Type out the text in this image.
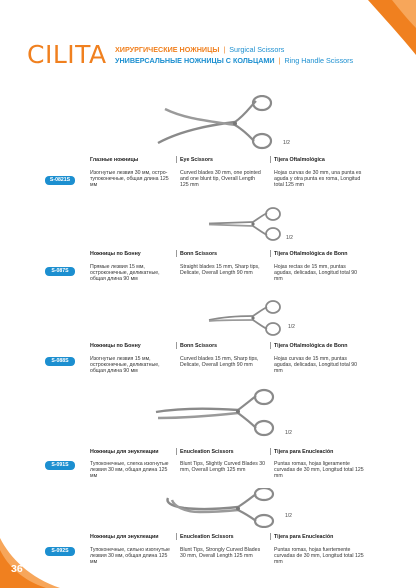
CILITA ХИРУРГИЧЕСКИЕ НОЖНИЦЫ | Surgical Scissors
УНИВЕРСАЛЬНЫЕ НОЖНИЦЫ С КОЛЬЦАМИ | Ring Handle Scissors
36
1/2
Глазные ножницы	Eye Scissors	Tijera Oftalmológica
S-0821S
Изогнутые лезвия 30 мм, остро-тупоконечные, общая длина 125 мм
Curved blades 30 mm, one pointed and one blunt tip, Overall Length 125 mm
Hojas curvas de 30 mm, una punta es aguda y otra punta es roma, Longitud total 125 mm
1/2
Ножницы по Бонну	Bonn Scissors	Tijera Oftalmológica de Bonn
S-087S
Прямые лезвия 15 мм, остроконечные, деликатные, общая длина 90 мм
Straight blades 15 mm, Sharp tips, Delicate, Overall Length 90 mm
Hojas rectas de 15 mm, puntas agudas, delicadas, Longitud total 90 mm
1/2
Ножницы по Бонну	Bonn Scissors	Tijera Oftalmológica de Bonn
S-088S	Изогнутые лезвия 15 мм, остроконечные, деликатные, общая длина 90 мм
Curved blades 15 mm, Sharp tips, Delicate, Overall Length 90 mm
Hojas curvas de 15 mm, puntas agudas, delicadas, Longitud total 90 mm
1/2
Ножницы для энуклеации	Enucleation Scissors	Tijera para Enucleación
S-091S	Тупоконечные, слегка изогнутые лезвия 30 мм, общая длина 125 мм
Blunt Tips, Slightly Curved Blades 30 mm, Overall Length 125 mm
Puntas romas, hojas ligeramente curvadas de 30 mm, Longitud total 125 mm
1/2
Ножницы для энуклеации	Enucleation Scissors	Tijera para Enucleación
S-092S	Тупоконечные, сильно изогнутые лезвия 30 мм, общая длина 125 мм
Blunt Tips, Strongly Curved Blades 30 mm, Overall Length 125 mm
Puntas romas, hojas fuertemente curvadas de 30 mm, Longitud total 125 mm
